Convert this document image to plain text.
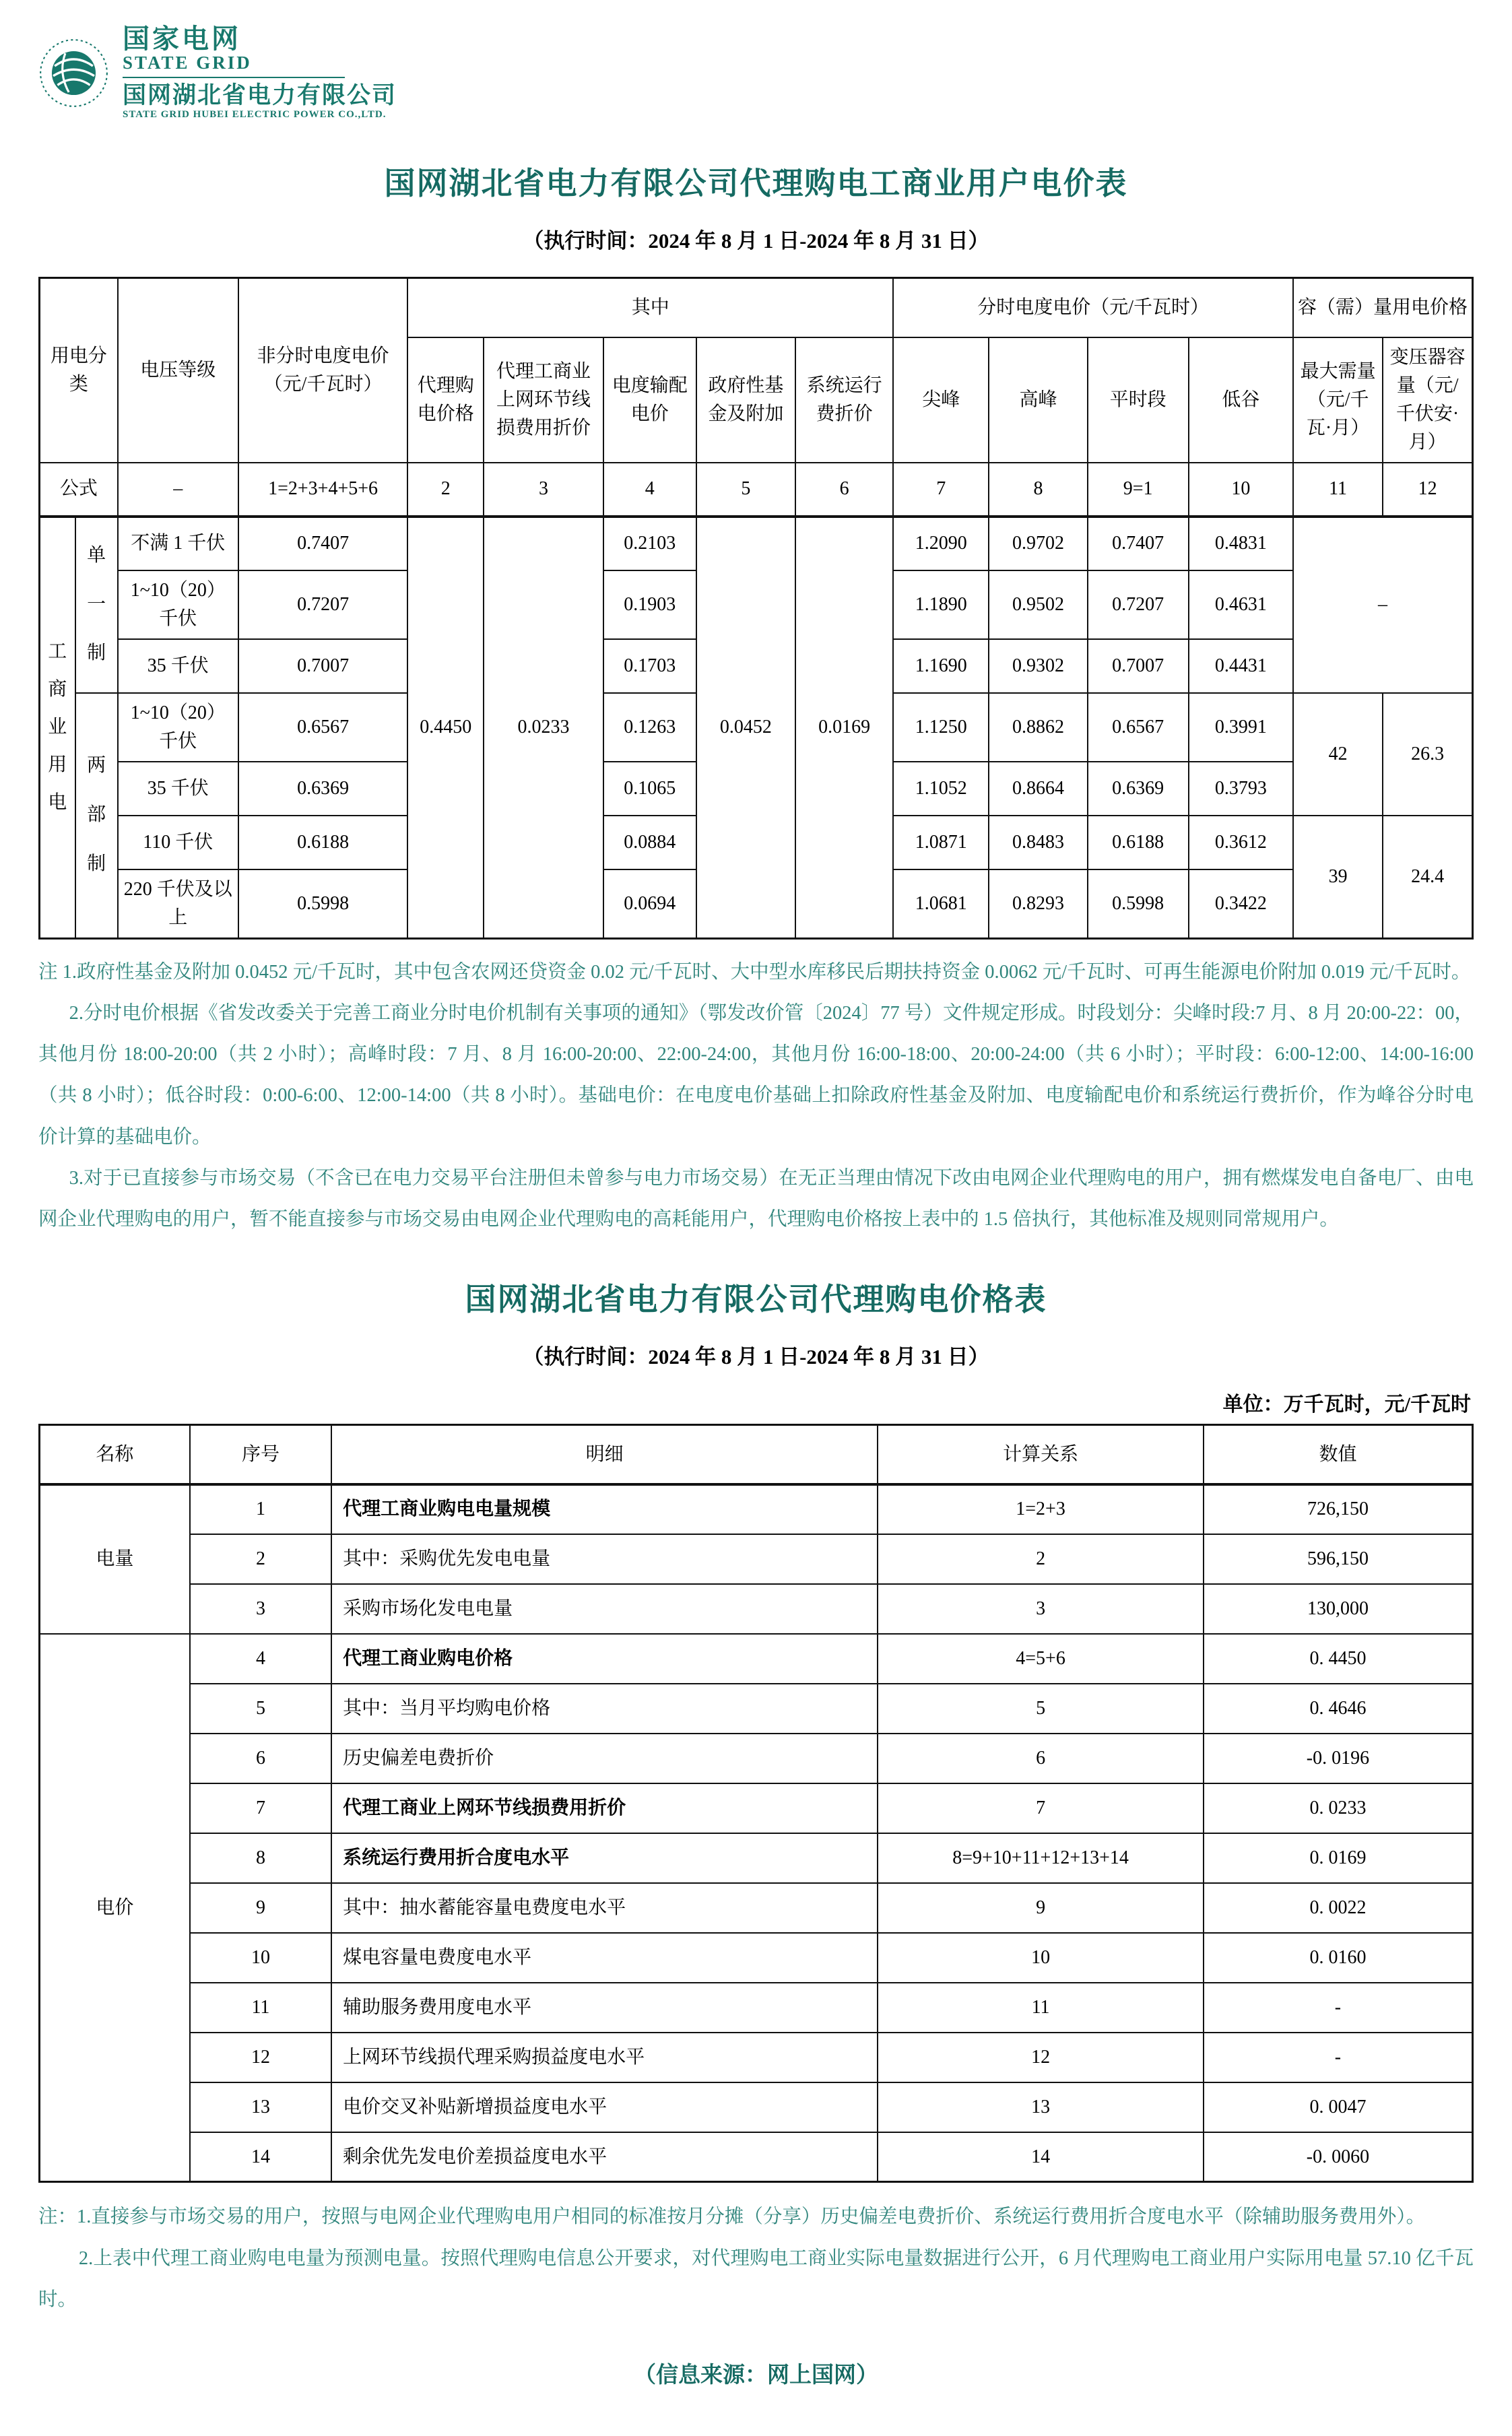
国家电网
STATE GRID
国网湖北省电力有限公司
STATE GRID HUBEI ELECTRIC POWER CO.,LTD.
国网湖北省电力有限公司代理购电工商业用户电价表
（执行时间：2024 年 8 月 1 日-2024 年 8 月 31 日）
用电分类		电压等级	非分时电度电价（元/千瓦时）	其中					分时电度电价（元/千瓦时）				容（需）量用电价格	
				代理购电价格	代理工商业上网环节线损费用折价	电度输配电价	政府性基金及附加	系统运行费折价	尖峰	高峰	平时段	低谷	最大需量（元/千瓦·月）	变压器容量（元/千伏安·月）
公式		–	1=2+3+4+5+6	2	3	4	5	6	7	8	9=1	10	11	12
工商业用电	单一制	不满 1 千伏	0.7407	0.4450	0.0233	0.2103	0.0452	0.0169	1.2090	0.9702	0.7407	0.4831	–	
		1~10（20）千伏	0.7207			0.1903			1.1890	0.9502	0.7207	0.4631		
		35 千伏	0.7007			0.1703			1.1690	0.9302	0.7007	0.4431		
	两部制	1~10（20）千伏	0.6567			0.1263			1.1250	0.8862	0.6567	0.3991	42	26.3
		35 千伏	0.6369			0.1065			1.1052	0.8664	0.6369	0.3793		
		110 千伏	0.6188			0.0884			1.0871	0.8483	0.6188	0.3612	39	24.4
		220 千伏及以上	0.5998			0.0694			1.0681	0.8293	0.5998	0.3422		

注 1.政府性基金及附加 0.0452 元/千瓦时，其中包含农网还贷资金 0.02 元/千瓦时、大中型水库移民后期扶持资金 0.0062 元/千瓦时、可再生能源电价附加 0.019 元/千瓦时。

2.分时电价根据《省发改委关于完善工商业分时电价机制有关事项的通知》（鄂发改价管〔2024〕77 号）文件规定形成。时段划分：尖峰时段:7 月、8 月 20:00-22：00，其他月份 18:00-20:00（共 2 小时）；高峰时段：7 月、8 月 16:00-20:00、22:00-24:00，其他月份 16:00-18:00、20:00-24:00（共 6 小时）；平时段：6:00-12:00、14:00-16:00（共 8 小时）；低谷时段：0:00-6:00、12:00-14:00（共 8 小时）。基础电价：在电度电价基础上扣除政府性基金及附加、电度输配电价和系统运行费折价，作为峰谷分时电价计算的基础电价。

3.对于已直接参与市场交易（不含已在电力交易平台注册但未曾参与电力市场交易）在无正当理由情况下改由电网企业代理购电的用户，拥有燃煤发电自备电厂、由电网企业代理购电的用户，暂不能直接参与市场交易由电网企业代理购电的高耗能用户，代理购电价格按上表中的 1.5 倍执行，其他标准及规则同常规用户。

国网湖北省电力有限公司代理购电价格表
（执行时间：2024 年 8 月 1 日-2024 年 8 月 31 日）
单位：万千瓦时，元/千瓦时
名称	序号	明细	计算关系	数值
电量	1	代理工商业购电电量规模	1=2+3	726,150
	2	其中：采购优先发电电量	2	596,150
	3	采购市场化发电电量	3	130,000
电价	4	代理工商业购电价格	4=5+6	0. 4450
	5	其中：当月平均购电价格	5	0. 4646
	6	历史偏差电费折价	6	-0. 0196
	7	代理工商业上网环节线损费用折价	7	0. 0233
	8	系统运行费用折合度电水平	8=9+10+11+12+13+14	0. 0169
	9	其中：抽水蓄能容量电费度电水平	9	0. 0022
	10	煤电容量电费度电水平	10	0. 0160
	11	辅助服务费用度电水平	11	-
	12	上网环节线损代理采购损益度电水平	12	-
	13	电价交叉补贴新增损益度电水平	13	0. 0047
	14	剩余优先发电价差损益度电水平	14	-0. 0060

注：1.直接参与市场交易的用户，按照与电网企业代理购电用户相同的标准按月分摊（分享）历史偏差电费折价、系统运行费用折合度电水平（除辅助服务费用外）。

2.上表中代理工商业购电电量为预测电量。按照代理购电信息公开要求，对代理购电工商业实际电量数据进行公开，6 月代理购电工商业用户实际用电量 57.10 亿千瓦时。

（信息来源：网上国网）
